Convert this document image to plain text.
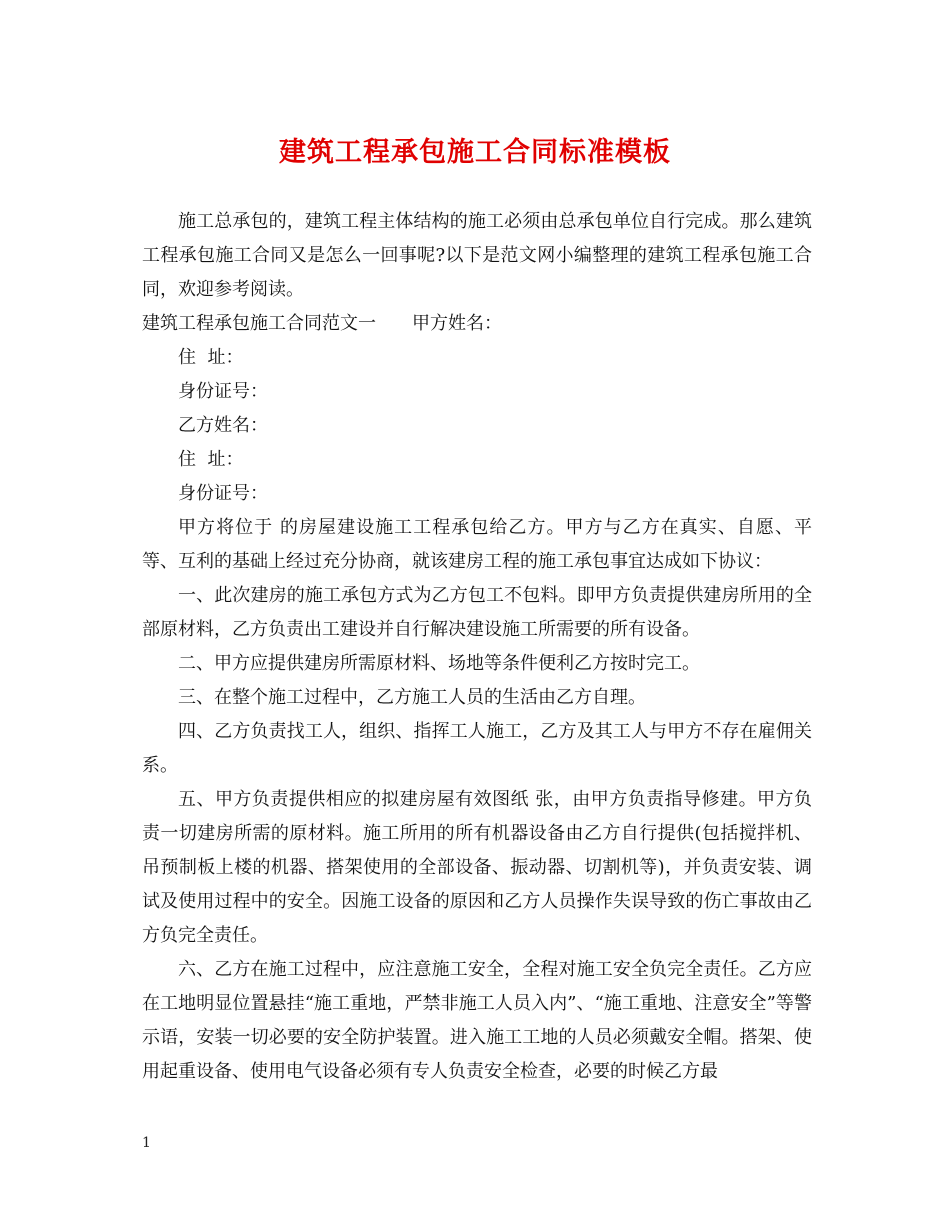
建筑工程承包施工合同标准模板

施工总承包的，建筑工程主体结构的施工必须由总承包单位自行完成。那么建筑工程承包施工合同又是怎么一回事呢?以下是范文网小编整理的建筑工程承包施工合同，欢迎参考阅读。

建筑工程承包施工合同范文一 甲方姓名：

住  址：

身份证号：

乙方姓名：

住  址：

身份证号：

甲方将位于 的房屋建设施工工程承包给乙方。甲方与乙方在真实、自愿、平等、互利的基础上经过充分协商，就该建房工程的施工承包事宜达成如下协议：

一、此次建房的施工承包方式为乙方包工不包料。即甲方负责提供建房所用的全部原材料，乙方负责出工建设并自行解决建设施工所需要的所有设备。

二、甲方应提供建房所需原材料、场地等条件便利乙方按时完工。

三、在整个施工过程中，乙方施工人员的生活由乙方自理。

四、乙方负责找工人，组织、指挥工人施工，乙方及其工人与甲方不存在雇佣关系。

五、甲方负责提供相应的拟建房屋有效图纸 张，由甲方负责指导修建。甲方负责一切建房所需的原材料。施工所用的所有机器设备由乙方自行提供(包括搅拌机、吊预制板上楼的机器、搭架使用的全部设备、振动器、切割机等)，并负责安装、调试及使用过程中的安全。因施工设备的原因和乙方人员操作失误导致的伤亡事故由乙方负完全责任。

六、乙方在施工过程中，应注意施工安全，全程对施工安全负完全责任。乙方应在工地明显位置悬挂“施工重地，严禁非施工人员入内”、“施工重地、注意安全”等警示语，安装一切必要的安全防护装置。进入施工工地的人员必须戴安全帽。搭架、使用起重设备、使用电气设备必须有专人负责安全检查，必要的时候乙方最

1
